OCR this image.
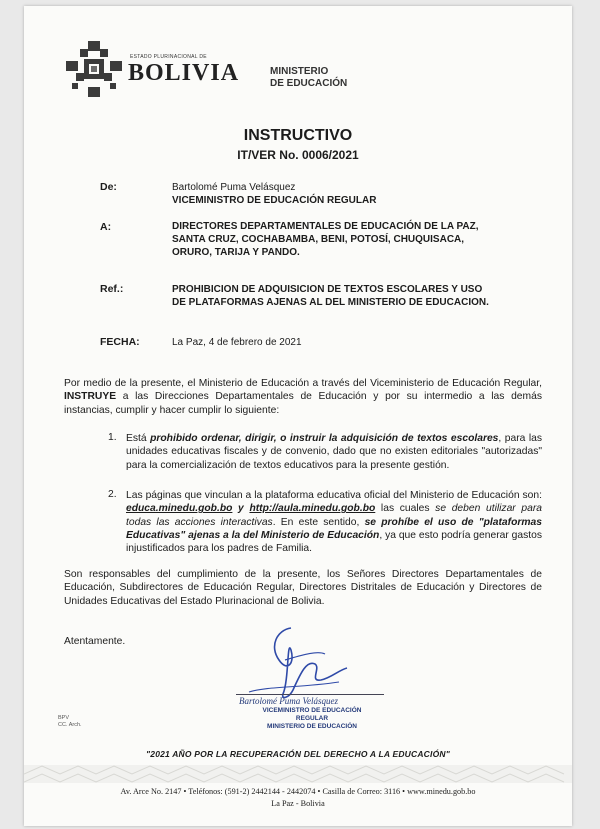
ESTADO PLURINACIONAL DE
BOLIVIA	MINISTERIO
DE EDUCACIÓN
INSTRUCTIVO
IT/VER No. 0006/2021
De:	Bartolomé Puma Velásquez
VICEMINISTRO DE EDUCACIÓN REGULAR
A:	DIRECTORES DEPARTAMENTALES DE EDUCACIÓN DE LA PAZ,
SANTA CRUZ, COCHABAMBA, BENI, POTOSÍ, CHUQUISACA,
ORURO, TARIJA Y PANDO.
Ref.:	PROHIBICION DE ADQUISICION DE TEXTOS ESCOLARES Y USO
DE PLATAFORMAS AJENAS AL DEL MINISTERIO DE EDUCACION.
FECHA:	La Paz, 4 de febrero de 2021
Por medio de la presente, el Ministerio de Educación a través del Viceministerio de Educación Regular, INSTRUYE a las Direcciones Departamentales de Educación y por su intermedio a las demás instancias, cumplir y hacer cumplir lo siguiente:
1. Está prohibido ordenar, dirigir, o instruir la adquisición de textos escolares, para las unidades educativas fiscales y de convenio, dado que no existen editoriales "autorizadas" para la comercialización de textos educativos para la presente gestión.
2. Las páginas que vinculan a la plataforma educativa oficial del Ministerio de Educación son: educa.minedu.gob.bo y http://aula.minedu.gob.bo las cuales se deben utilizar para todas las acciones interactivas. En este sentido, se prohíbe el uso de "plataformas Educativas" ajenas a la del Ministerio de Educación, ya que esto podría generar gastos injustificados para los padres de Familia.
Son responsables del cumplimiento de la presente, los Señores Directores Departamentales de Educación, Subdirectores de Educación Regular, Directores Distritales de Educación y Directores de Unidades Educativas del Estado Plurinacional de Bolivia.
Atentamente.
Bartolomé Puma Velásquez
VICEMINISTRO DE EDUCACIÓN REGULAR
MINISTERIO DE EDUCACIÓN
BPV
CC. Arch.
"2021 AÑO POR LA RECUPERACIÓN DEL DERECHO A LA EDUCACIÓN"
Av. Arce No. 2147 • Teléfonos: (591-2) 2442144 - 2442074 • Casilla de Correo: 3116 • www.minedu.gob.bo
La Paz - Bolivia
